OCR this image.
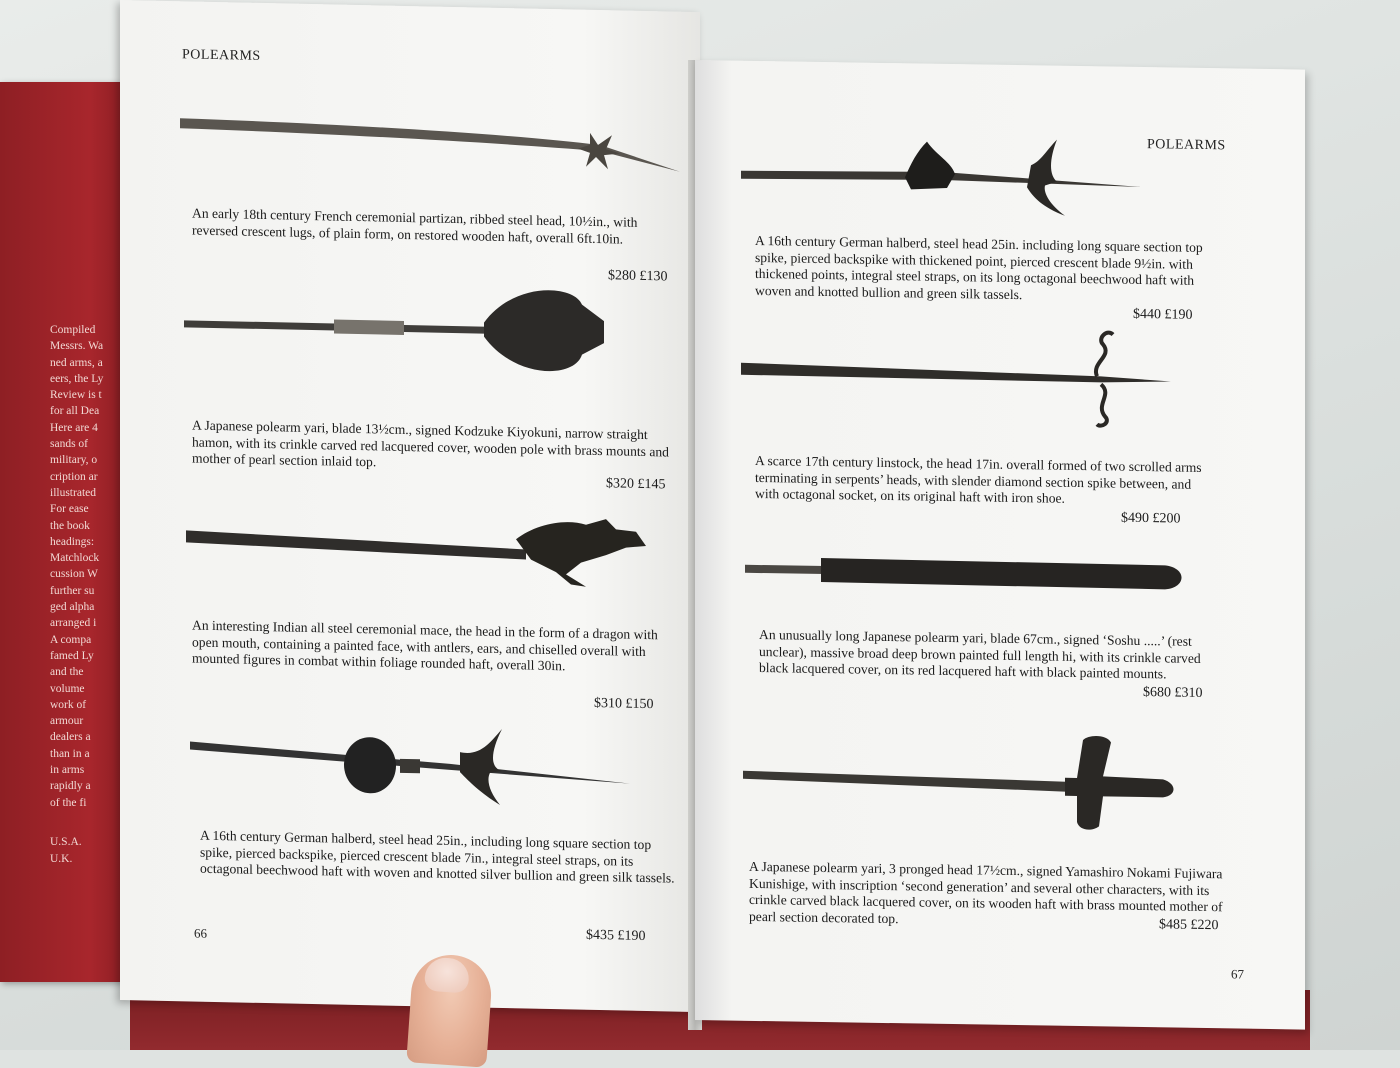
Compiled
Messrs. Wa
ned arms, a
eers, the Ly
Review is t
for all Dea
Here are 4
sands of
military, o
cription ar
illustrated
For ease
the book
headings:
Matchlock
cussion W
further su
ged alpha
arranged i
A compa
famed Ly
and the
volume
work of
armour
dealers a
than in a
in arms
rapidly a
of the fi
U.S.A.
U.K.
POLEARMS
An early 18th century French ceremonial partizan, ribbed steel head, 10½in., with reversed crescent lugs, of plain form, on restored wooden haft, overall 6ft.10in.
$280 £130
A Japanese polearm yari, blade 13½cm., signed Kodzuke Kiyokuni, narrow straight hamon, with its crinkle carved red lacquered cover, wooden pole with brass mounts and mother of pearl section inlaid top.
$320 £145
An interesting Indian all steel ceremonial mace, the head in the form of a dragon with open mouth, containing a painted face, with antlers, ears, and chiselled overall with mounted figures in combat within foliage rounded haft, overall 30in.
$310 £150
A 16th century German halberd, steel head 25in., including long square section top spike, pierced backspike, pierced crescent blade 7in., integral steel straps, on its octagonal beechwood haft with woven and knotted silver bullion and green silk tassels.
$435 £190
66
POLEARMS
A 16th century German halberd, steel head 25in. including long square section top spike, pierced backspike with thickened point, pierced crescent blade 9½in. with thickened points, integral steel straps, on its long octagonal beechwood haft with woven and knotted bullion and green silk tassels.
$440 £190
A scarce 17th century linstock, the head 17in. overall formed of two scrolled arms terminating in serpents’ heads, with slender diamond section spike between, and with octagonal socket, on its original haft with iron shoe.
$490 £200
An unusually long Japanese polearm yari, blade 67cm., signed ‘Soshu .....’ (rest unclear), massive broad deep brown painted full length hi, with its crinkle carved black lacquered cover, on its red lacquered haft with black painted mounts.
$680 £310
A Japanese polearm yari, 3 pronged head 17½cm., signed Yamashiro Nokami Fujiwara Kunishige, with inscription ‘second generation’ and several other characters, with its crinkle carved black lacquered cover, on its wooden haft with brass mounted mother of pearl section decorated top.	$485 £220
67
